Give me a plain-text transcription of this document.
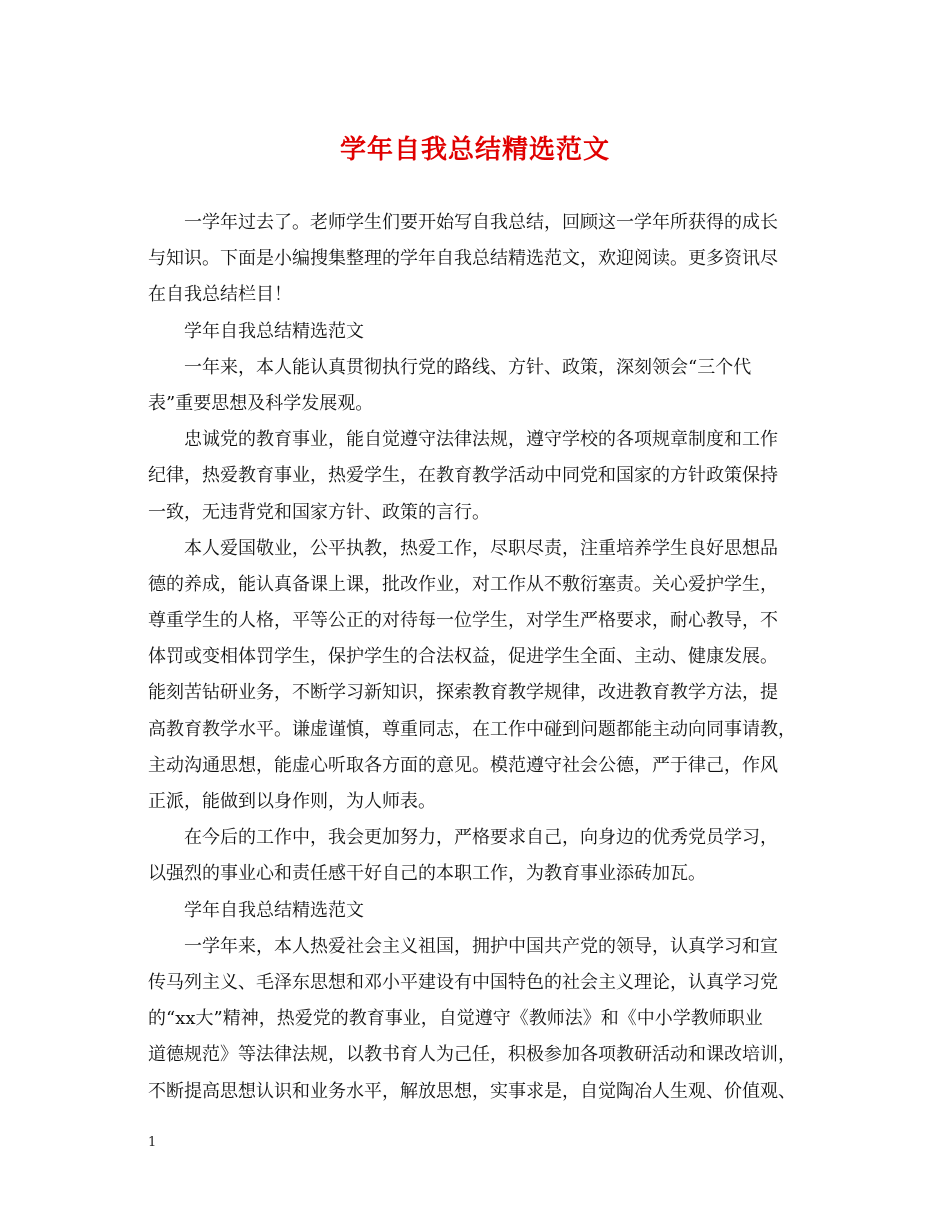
学年自我总结精选范文
一学年过去了。老师学生们要开始写自我总结，回顾这一学年所获得的成长
与知识。下面是小编搜集整理的学年自我总结精选范文，欢迎阅读。更多资讯尽
在自我总结栏目！
学年自我总结精选范文
一年来，本人能认真贯彻执行党的路线、方针、政策，深刻领会“三个代
表”重要思想及科学发展观。
忠诚党的教育事业，能自觉遵守法律法规，遵守学校的各项规章制度和工作
纪律，热爱教育事业，热爱学生，在教育教学活动中同党和国家的方针政策保持
一致，无违背党和国家方针、政策的言行。
本人爱国敬业，公平执教，热爱工作，尽职尽责，注重培养学生良好思想品
德的养成，能认真备课上课，批改作业，对工作从不敷衍塞责。关心爱护学生，
尊重学生的人格，平等公正的对待每一位学生，对学生严格要求，耐心教导，不
体罚或变相体罚学生，保护学生的合法权益，促进学生全面、主动、健康发展。
能刻苦钻研业务，不断学习新知识，探索教育教学规律，改进教育教学方法，提
高教育教学水平。谦虚谨慎，尊重同志，在工作中碰到问题都能主动向同事请教，
主动沟通思想，能虚心听取各方面的意见。模范遵守社会公德，严于律己，作风
正派，能做到以身作则，为人师表。
在今后的工作中，我会更加努力，严格要求自己，向身边的优秀党员学习，
以强烈的事业心和责任感干好自己的本职工作，为教育事业添砖加瓦。
学年自我总结精选范文
一学年来，本人热爱社会主义祖国，拥护中国共产党的领导，认真学习和宣
传马列主义、毛泽东思想和邓小平建设有中国特色的社会主义理论，认真学习党
的“xx大”精神，热爱党的教育事业，自觉遵守《教师法》和《中小学教师职业
道德规范》等法律法规，以教书育人为己任，积极参加各项教研活动和课改培训，
不断提高思想认识和业务水平，解放思想，实事求是，自觉陶冶人生观、价值观、
1
